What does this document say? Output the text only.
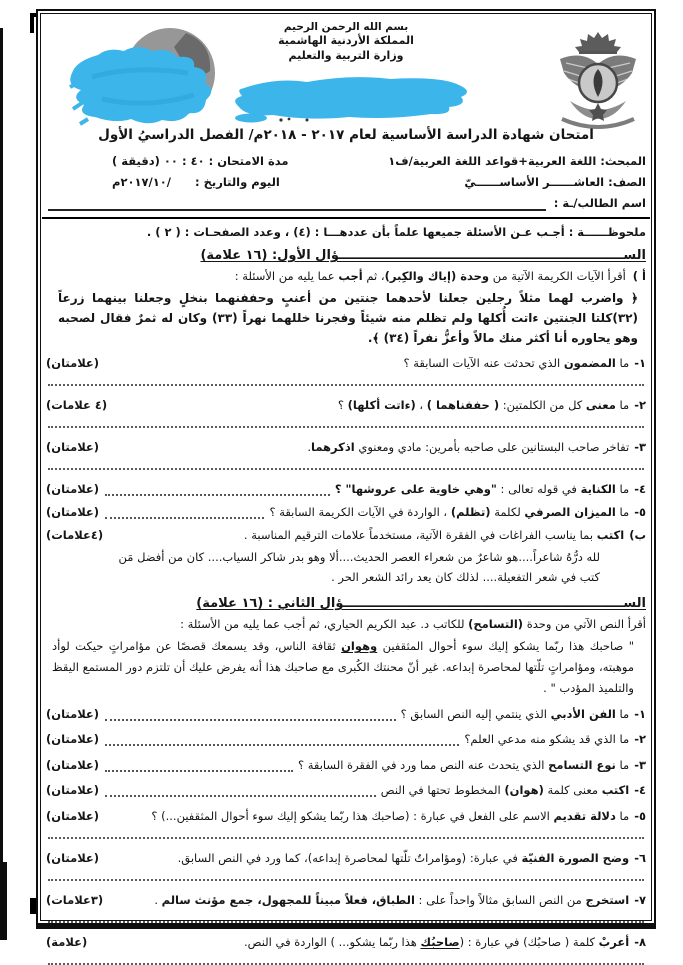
بسم الله الرحمن الرحيم
المملكة الأردنية الهاشمية
وزارة التربية والتعليم
امتحان شهادة الدراسة الأساسية لعام ٢٠١٧ - ٢٠١٨م/ الفصل الدراسيُ الأول
المبحث: اللغة العربية+قواعد اللغة العربية/ف١
مدة الامتحان : ٤٠ : ٠٠ (دقيقة )
الصف: العاشــــــر الأساســــــيّ
اليوم والتاريخ :      /٢٠١٧/١٠م
اسم الطالب/ـة :
ملحوظــــــة : أجـب عـن الأسئلة جميعها علماً بأن عددهـــا : (٤) ، وعدد الصفحـات : ( ٢ ) .
الســــــــــــــــــــــــــــــــــــــــــــــــــــــــــــــــؤال الأول: (١٦ علامة)
أ )أقرأ الآيات الكريمة الآتية من وحدة (إياك والكِبر)، ثم أجب عما يليه من الأسئلة :
﴿ واضرب لهما مثلاً رجلين جعلنا لأحدهما جنتين من أعنبٍ وحففنهما بنخلٍ وجعلنا بينهما زرعاً (٣٢)كلتا الجنتين ءاتت أُكلها ولم تظلم منه شيئاً وفجرنا خللهما نهراً (٣٣) وكان له ثمرٌ فقال لصحبه وهو يحاوره أنا أكثر منك مالاً وأعزُّ نفراً (٣٤) ﴾.
١-
ما المضمون الذي تحدثت عنه الآيات السابقة ؟
(علامتان)
٢-
ما معنى كل من الكلمتين: ( حففناهما ) ، (ءاتت أكلها) ؟
(٤ علامات)
٣-
تفاخر صاحب البستانين على صاحبه بأمرين: مادي ومعنوي اذكرهما.
(علامتان)
٤-
ما الكناية في قوله تعالى : "وهي خاوية على عروشها" ؟
(علامتان)
٥-
ما الميزان الصرفي لكلمة (تظلم) ، الواردة في الآيات الكريمة السابقة ؟
(علامتان)
ب)
اكتب بما يناسب الفراغات في الفقرة الآتية، مستخدماً علامات الترقيم المناسبة .
(٤علامات)
لله درُّهُ شاعراً....هو شاعرٌ من شعراء العصر الحديث....ألا وهو بدر شاكر السياب.... كان من أفضل مَن كتب في شعر التفعيلة.... لذلك كان يعد رائد الشعر الحر .
الســـــــــــــــــــــــــــــــــــــــــــــــــــــــــــــــؤال الثاني : (١٦ علامة)
أقرأ النص الآتي من وحدة (التسامح) للكاتب د. عبد الكريم الحياري، ثم أجب عما يليه من الأسئلة :
" صاحبك هذا ربّما يشكو إليك سوء أحوال المثقفين وهوان ثقافة الناس، وقد يسمعك قصصًا عن مؤامراتٍ حيكت لوأد موهبته، ومؤامراتٍ تلّتها لمحاصرة إبداعه. غير أنّ محنتك الكُبرى مع صاحبك هذا أنه يفرض عليك أن تلتزم دور المستمع اليقظ والتلميذ المؤدب " .
١-
ما الفن الأدبي الذي ينتمي إليه النص السابق ؟
(علامتان)
٢-
ما الذي قد يشكو منه مدعي العلم؟
(علامتان)
٣-
ما نوع التسامح الذي يتحدث عنه النص مما ورد في الفقرة السابقة ؟
(علامتان)
٤-
اكتب معنى كلمة (هوان) المخطوط تحتها في النص
(علامتان)
٥-
ما دلالة تقديم الاسم على الفعل في عبارة : (صاحبك هذا ربّما يشكو إليك سوء أحوال المثقفين...) ؟
(علامتان)
٦-
وضح الصورة الفنيّة في عبارة: (ومؤامراتٌ تلّتها لمحاصرة إبداعه)، كما ورد في النص السابق.
(علامتان)
٧-
استخرج من النص السابق مثالاً واحداً على : الطباق، فعلاً مبيناً للمجهول، جمع مؤنث سالم .
(٣علامات)
٨-
أعربْ كلمة ( صاحبُك) في عبارة : (صاحبُك هذا ربّما يشكو... ) الواردة في النص.
(علامة)
